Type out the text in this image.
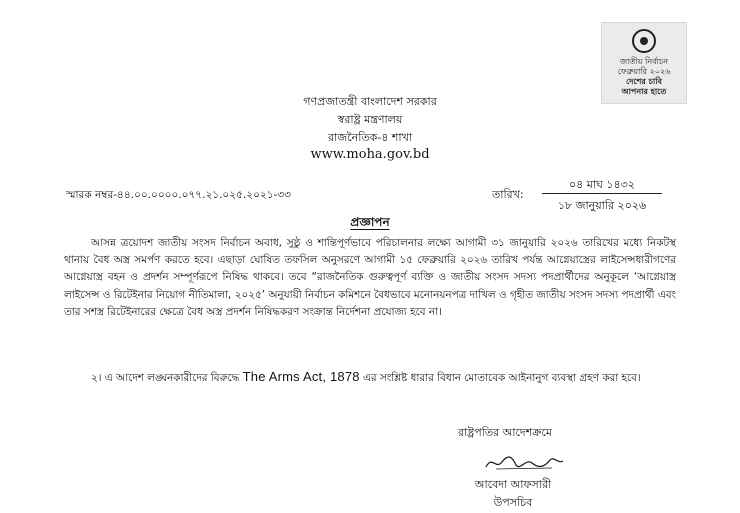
জাতীয় নির্বাচন
ফেব্রুয়ারি ২০২৬
দেশের চাবি
আপনার হাতে
গণপ্রজাতন্ত্রী বাংলাদেশ সরকার
স্বরাষ্ট্র মন্ত্রণালয়
রাজনৈতিক-৪ শাখা
www.moha.gov.bd
স্মারক নম্বর-৪৪.০০.০০০০.০৭৭.২১.০২৫.২০২১-৩৩	তারিখ:
০৪ মাঘ ১৪৩২
১৮ জানুয়ারি ২০২৬
প্রজ্ঞাপন
আসন্ন ত্রয়োদশ জাতীয় সংসদ নির্বাচন অবাধ, সুষ্ঠু ও শান্তিপূর্ণভাবে পরিচালনার লক্ষ্যে আগামী ৩১ জানুয়ারি ২০২৬ তারিখের মধ্যে নিকটস্থ থানায় বৈধ অস্ত্র সমর্পণ করতে হবে। এছাড়া ঘোষিত তফসিল অনুসরণে আগামী ১৫ ফেব্রুয়ারি ২০২৬ তারিখ পর্যন্ত আগ্নেয়াস্ত্রের লাইসেন্সধারীগণের আগ্নেয়াস্ত্র বহন ও প্রদর্শন সম্পূর্ণরূপে নিষিদ্ধ থাকবে। তবে “রাজনৈতিক গুরুত্বপূর্ণ ব্যক্তি ও জাতীয় সংসদ সদস্য পদপ্রার্থীদের অনুকূলে ‘আগ্নেয়াস্ত্র লাইসেন্স ও রিটেইনার নিয়োগ নীতিমালা, ২০২৫’ অনুযায়ী নির্বাচন কমিশনে বৈধভাবে মনোনয়নপত্র দাখিল ও গৃহীত জাতীয় সংসদ সদস্য পদপ্রার্থী এবং তার সশস্ত্র রিটেইনারের ক্ষেত্রে বৈধ অস্ত্র প্রদর্শন নিষিদ্ধকরণ সংক্রান্ত নির্দেশনা প্রযোজ্য হবে না।
২। এ আদেশ লঙ্ঘনকারীদের বিরুদ্ধে The Arms Act, 1878 এর সংশ্লিষ্ট ধারার বিধান মোতাবেক আইনানুগ ব্যবস্থা গ্রহণ করা হবে।
রাষ্ট্রপতির আদেশক্রমে
আবেদা আফসারী
উপসচিব
